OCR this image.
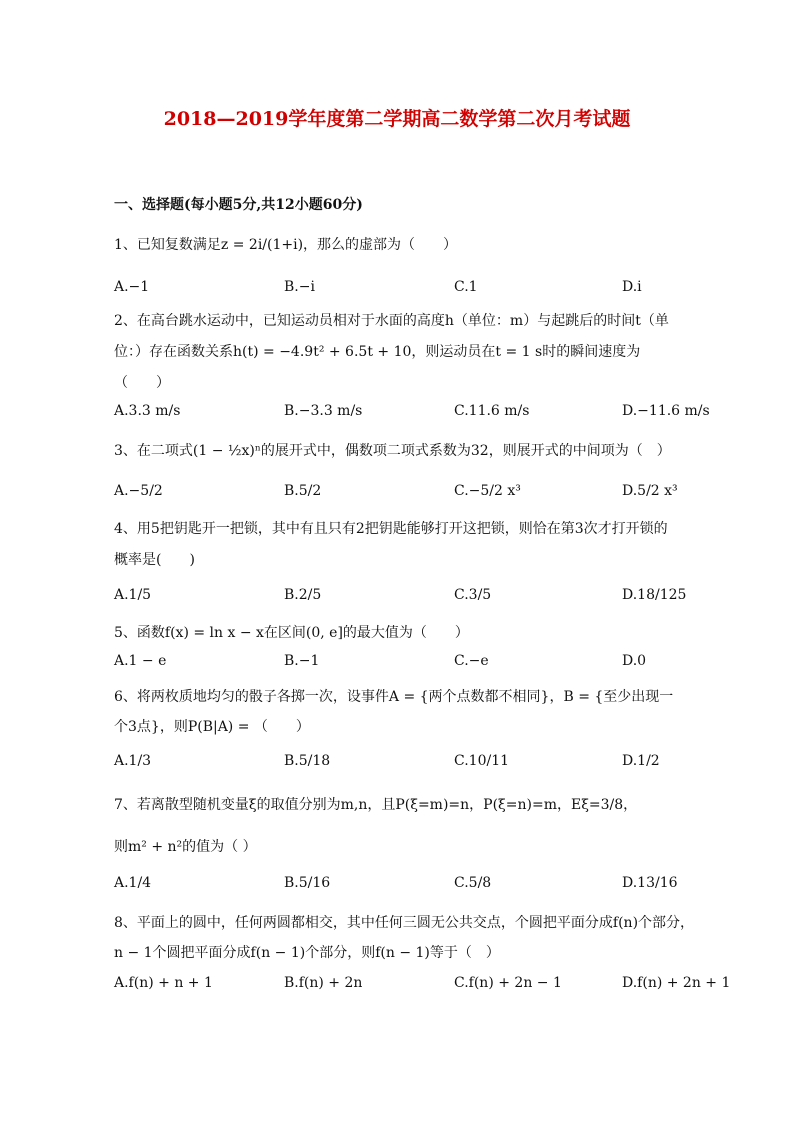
2018—2019学年度第二学期高二数学第二次月考试题
一、选择题(每小题5分,共12小题60分)
1、已知复数满足z = 2i/(1+i)，那么的虚部为（　　）
A.−1	B.−i	C.1	D.i
2、在高台跳水运动中，已知运动员相对于水面的高度h（单位：m）与起跳后的时间t（单
位：）存在函数关系h(t) = −4.9t² + 6.5t + 10，则运动员在t = 1 s时的瞬间速度为
（　　）
A.3.3 m/s	B.−3.3 m/s	C.11.6 m/s	D.−11.6 m/s
3、在二项式(1 − ½x)ⁿ的展开式中，偶数项二项式系数为32，则展开式的中间项为（　）
A.−5/2	B.5/2	C.−5/2 x³	D.5/2 x³
4、用5把钥匙开一把锁，其中有且只有2把钥匙能够打开这把锁，则恰在第3次才打开锁的
概率是(　　)
A.1/5	B.2/5	C.3/5	D.18/125
5、函数f(x) = ln x − x在区间(0, e]的最大值为（　　）
A.1 − e	B.−1	C.−e	D.0
6、将两枚质地均匀的骰子各掷一次，设事件A = {两个点数都不相同}，B = {至少出现一
个3点}，则P(B|A) = （　　）
A.1/3	B.5/18	C.10/11	D.1/2
7、若离散型随机变量ξ的取值分别为m,n，且P(ξ=m)=n，P(ξ=n)=m，Eξ=3/8，
则m² + n²的值为（ ）
A.1/4	B.5/16	C.5/8	D.13/16
8、平面上的圆中，任何两圆都相交，其中任何三圆无公共交点，个圆把平面分成f(n)个部分，
n − 1个圆把平面分成f(n − 1)个部分，则f(n − 1)等于（　）
A.f(n) + n + 1	B.f(n) + 2n	C.f(n) + 2n − 1	D.f(n) + 2n + 1
